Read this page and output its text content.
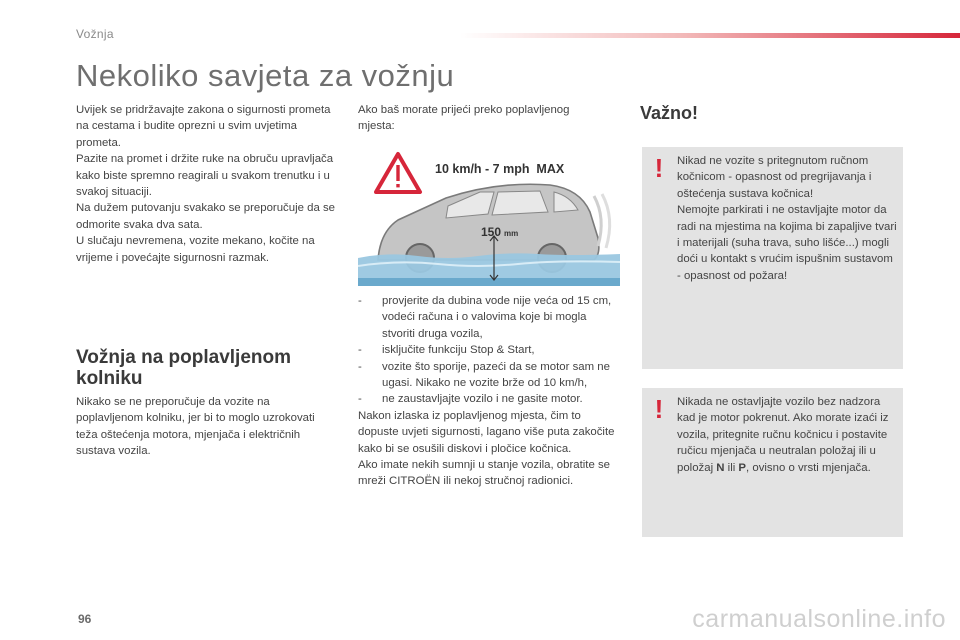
Vožnja
Nekoliko savjeta za vožnju

Uvijek se pridržavajte zakona o sigurnosti prometa na cestama i budite oprezni u svim uvjetima prometa.

Pazite na promet i držite ruke na obruču upravljača kako biste spremno reagirali u svakom trenutku i u svakoj situaciji.

Na dužem putovanju svakako se preporučuje da se odmorite svaka dva sata.

U slučaju nevremena, vozite mekano, kočite na vrijeme i povećajte sigurnosni razmak.

Vožnja na poplavljenom kolniku
Nikako se ne preporučuje da vozite na poplavljenom kolniku, jer bi to moglo uzrokovati teža oštećenja motora, mjenjača i električnih sustava vozila.
Ako baš morate prijeći preko poplavljenog mjesta:
10 km/h - 7 mph  MAX
150 mm
- provjerite da dubina vode nije veća od 15 cm, vodeći računa i o valovima koje bi mogla stvoriti druga vozila,
- isključite funkciju Stop & Start,
- vozite što sporije, pazeći da se motor sam ne ugasi. Nikako ne vozite brže od 10 km/h,
- ne zaustavljajte vozilo i ne gasite motor.

Nakon izlaska iz poplavljenog mjesta, čim to dopuste uvjeti sigurnosti, lagano više puta zakočite kako bi se osušili diskovi i pločice kočnica.

Ako imate nekih sumnji u stanje vozila, obratite se mreži CITROËN ili nekoj stručnoj radionici.

Važno!
! Nikad ne vozite s pritegnutom ručnom kočnicom - opasnost od pregrijavanja i oštećenja sustava kočnica!

Nemojte parkirati i ne ostavljajte motor da radi na mjestima na kojima bi zapaljive tvari i materijali (suha trava, suho lišće...) mogli doći u kontakt s vrućim ispušnim sustavom - opasnost od požara!

! Nikada ne ostavljajte vozilo bez nadzora kad je motor pokrenut. Ako morate izaći iz vozila, pritegnite ručnu kočnicu i postavite ručicu mjenjača u neutralan položaj ili u položaj N ili P, ovisno o vrsti mjenjača.
96	carmanualsonline.info
